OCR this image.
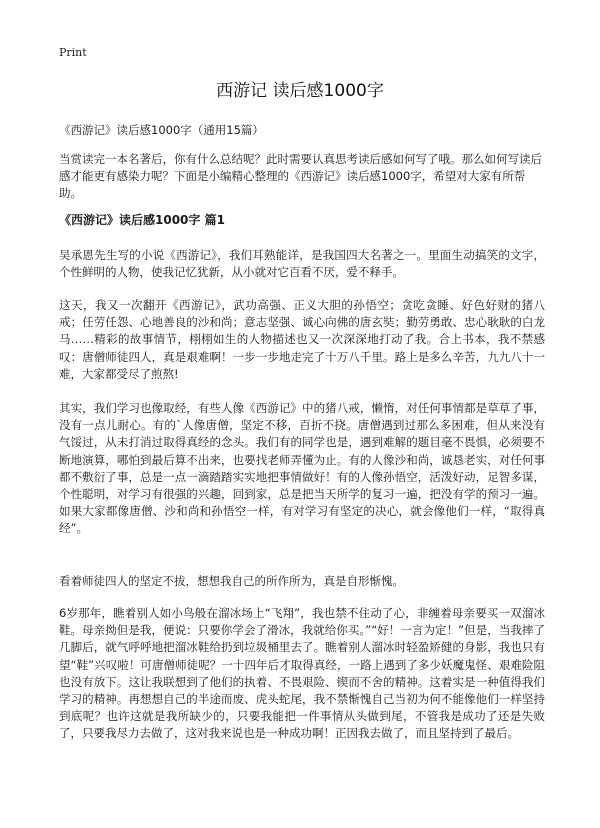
Print
西游记 读后感1000字

《西游记》读后感1000字（通用15篇）

当赏读完一本名著后，你有什么总结呢？此时需要认真思考读后感如何写了哦。那么如何写读后感才能更有感染力呢？下面是小编精心整理的《西游记》读后感1000字，希望对大家有所帮助。

《西游记》读后感1000字 篇1

吴承恩先生写的小说《西游记》，我们耳熟能详，是我国四大名著之一。里面生动搞笑的文字，个性鲜明的人物，使我记忆犹新，从小就对它百看不厌，爱不释手。

这天，我又一次翻开《西游记》，武功高强、正义大胆的孙悟空；贪吃贪睡、好色好财的猪八戒；任劳任怨、心地善良的沙和尚；意志坚强、诚心向佛的唐玄奘；勤劳勇敢、忠心耿耿的白龙马……精彩的故事情节，栩栩如生的人物描述也又一次深深地打动了我。合上书本，我不禁感叹：唐僧师徒四人，真是艰难啊！一步一步地走完了十万八千里。路上是多么辛苦，九九八十一难，大家都受尽了煎熬!

其实，我们学习也像取经，有些人像《西游记》中的猪八戒，懒惰，对任何事情都是草草了事，没有一点儿耐心。有的`人像唐僧，坚定不移，百折不挠。唐僧遇到过那么多困难，但从来没有气馁过，从未打消过取得真经的念头。我们有的同学也是，遇到难解的题目毫不畏惧，必须要不断地演算，哪怕到最后算不出来，也要找老师弄懂为止。有的人像沙和尚，诚恳老实，对任何事都不敷衍了事，总是一点一滴踏踏实实地把事情做好！有的人像孙悟空，活泼好动，足智多谋，个性聪明，对学习有很强的兴趣，回到家，总是把当天所学的复习一遍，把没有学的预习一遍。如果大家都像唐僧、沙和尚和孙悟空一样，有对学习有坚定的决心，就会像他们一样，“取得真经”。

看着师徒四人的坚定不拔，想想我自己的所作所为，真是自形惭愧。

6岁那年，瞧着别人如小鸟般在溜冰场上“飞翔”，我也禁不住动了心，非缠着母亲要买一双溜冰鞋。母亲拗但是我，便说：只要你学会了滑冰，我就给你买。”“好！一言为定！”但是，当我摔了几脚后，就气呼呼地把溜冰鞋给扔到垃圾桶里去了。瞧着别人溜冰时轻盈矫健的身影，我也只有望“鞋”兴叹啦！可唐僧师徒呢？一十四年后才取得真经，一路上遇到了多少妖魔鬼怪、艰难险阻也没有放下。这让我联想到了他们的执着、不畏艰险、锲而不舍的精神。这着实是一种值得我们学习的精神。再想想自己的半途而废、虎头蛇尾，我不禁惭愧自己当初为何不能像他们一样坚持到底呢？也许这就是我所缺少的，只要我能把一件事情从头做到尾，不管我是成功了还是失败了，只要我尽力去做了，这对我来说也是一种成功啊！正因我去做了，而且坚持到了最后。
